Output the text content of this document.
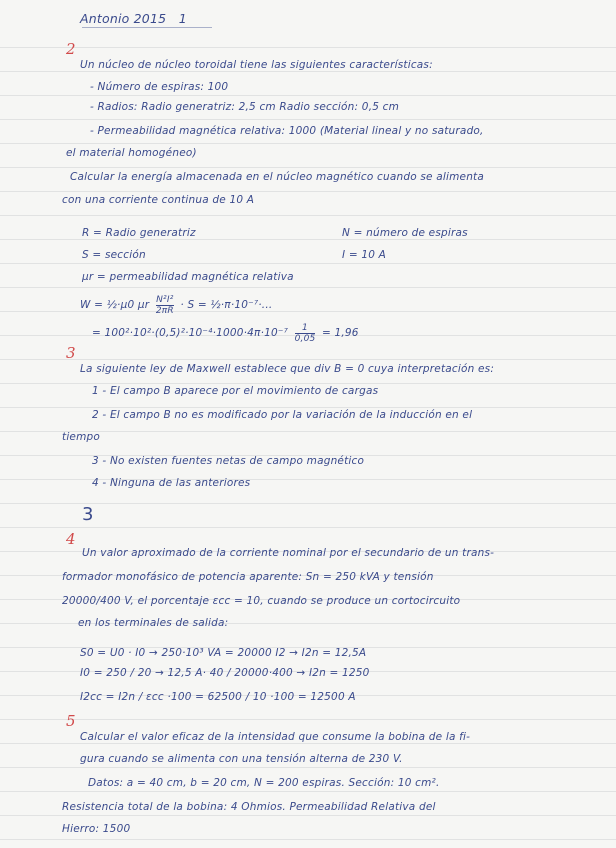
Antonio 2015 1
2
Un núcleo de núcleo toroidal tiene las siguientes características:
- Número de espiras: 100
- Radios: Radio generatriz: 2,5 cm Radio sección: 0,5 cm
- Permeabilidad magnética relativa: 1000 (Material lineal y no saturado,
el material homogéneo)
Calcular la energía almacenada en el núcleo magnético cuando se alimenta
con una corriente continua de 10 A
R = Radio generatriz	N = número de espiras
S = sección	I = 10 A
μr = permeabilidad magnética relativa
W = ½·μ0 μr $\frac{\text{N²I²}}{2\pi R} \cdot S$ = ½·π·10⁻⁷·...
= $100^2\cdot 10^2\cdot(0,5)^2\cdot 10^{-4}\cdot 1000\cdot 4\pi\cdot 10^{-7} \frac{1}{0,05} = 1,96$
3
La siguiente ley de Maxwell establece que div B = 0 cuya interpretación es:
1 - El campo B aparece por el movimiento de cargas
2 - El campo B no es modificado por la variación de la inducción en el
tiempo
3 - No existen fuentes netas de campo magnético
4 - Ninguna de las anteriores
3
4
Un valor aproximado de la corriente nominal por el secundario de un trans-
formador monofásico de potencia aparente: Sn = 250 kVA y tensión
20000/400 V, el porcentaje εcc = 10, cuando se produce un cortocircuito
en los terminales de salida:
S0 = U0 · I0 → 250·10³ VA = 20000 I2 → I2n = 12,5A
I0 = 250 / 20 → 12,5 A· 40 / 20000·400 → I2n = 1250
I2cc = I2n / εcc ·100 = 62500 / 10 ·100 = 12500 A
5
Calcular el valor eficaz de la intensidad que consume la bobina de la fi-
gura cuando se alimenta con una tensión alterna de 230 V.
Datos: a = 40 cm, b = 20 cm, N = 200 espiras. Sección: 10 cm².
Resistencia total de la bobina: 4 Ohmios. Permeabilidad Relativa del
Hierro: 1500
